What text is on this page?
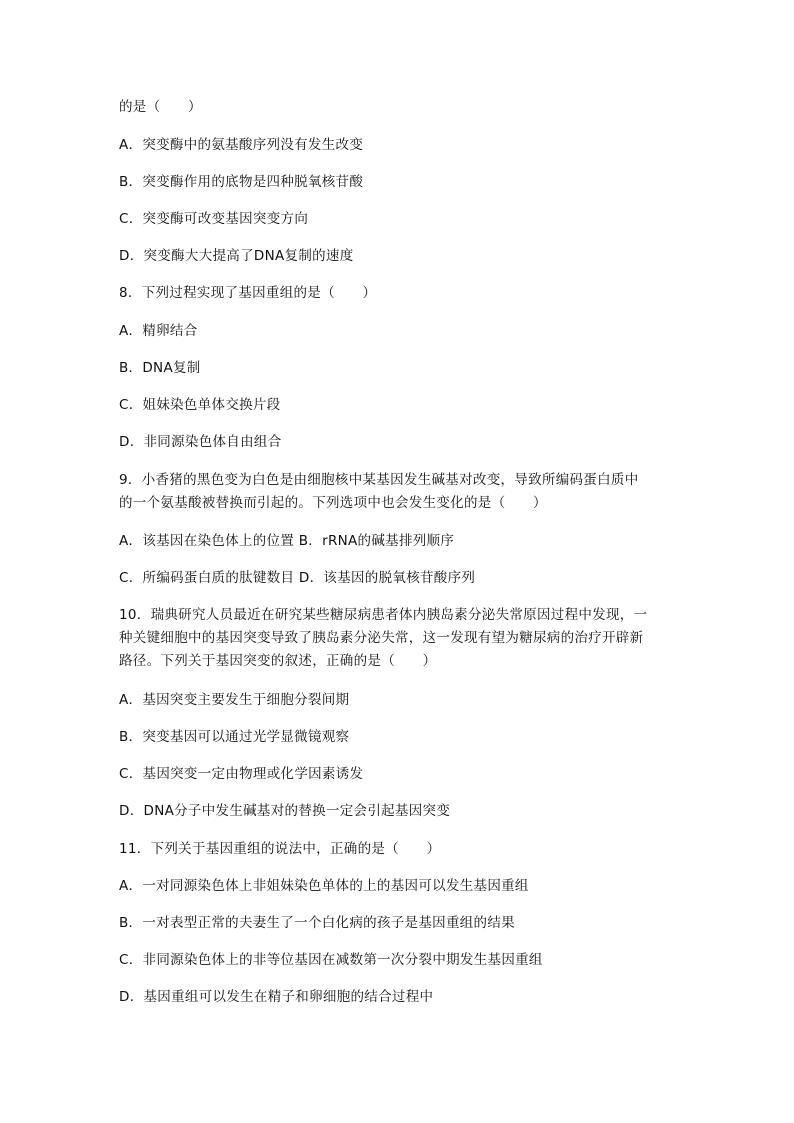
的是（　　）
A．突变酶中的氨基酸序列没有发生改变
B．突变酶作用的底物是四种脱氧核苷酸
C．突变酶可改变基因突变方向
D．突变酶大大提高了DNA复制的速度
8．下列过程实现了基因重组的是（　　）
A．精卵结合
B．DNA复制
C．姐妹染色单体交换片段
D．非同源染色体自由组合
9．小香猪的黑色变为白色是由细胞核中某基因发生碱基对改变，导致所编码蛋白质中
的一个氨基酸被替换而引起的。下列选项中也会发生变化的是（　　）
A．该基因在染色体上的位置 B．rRNA的碱基排列顺序
C．所编码蛋白质的肽键数目 D．该基因的脱氧核苷酸序列
10．瑞典研究人员最近在研究某些糖尿病患者体内胰岛素分泌失常原因过程中发现，一
种关键细胞中的基因突变导致了胰岛素分泌失常，这一发现有望为糖尿病的治疗开辟新
路径。下列关于基因突变的叙述，正确的是（　　）
A．基因突变主要发生于细胞分裂间期
B．突变基因可以通过光学显微镜观察
C．基因突变一定由物理或化学因素诱发
D．DNA分子中发生碱基对的替换一定会引起基因突变
11．下列关于基因重组的说法中，正确的是（　　）
A．一对同源染色体上非姐妹染色单体的上的基因可以发生基因重组
B．一对表型正常的夫妻生了一个白化病的孩子是基因重组的结果
C．非同源染色体上的非等位基因在减数第一次分裂中期发生基因重组
D．基因重组可以发生在精子和卵细胞的结合过程中
